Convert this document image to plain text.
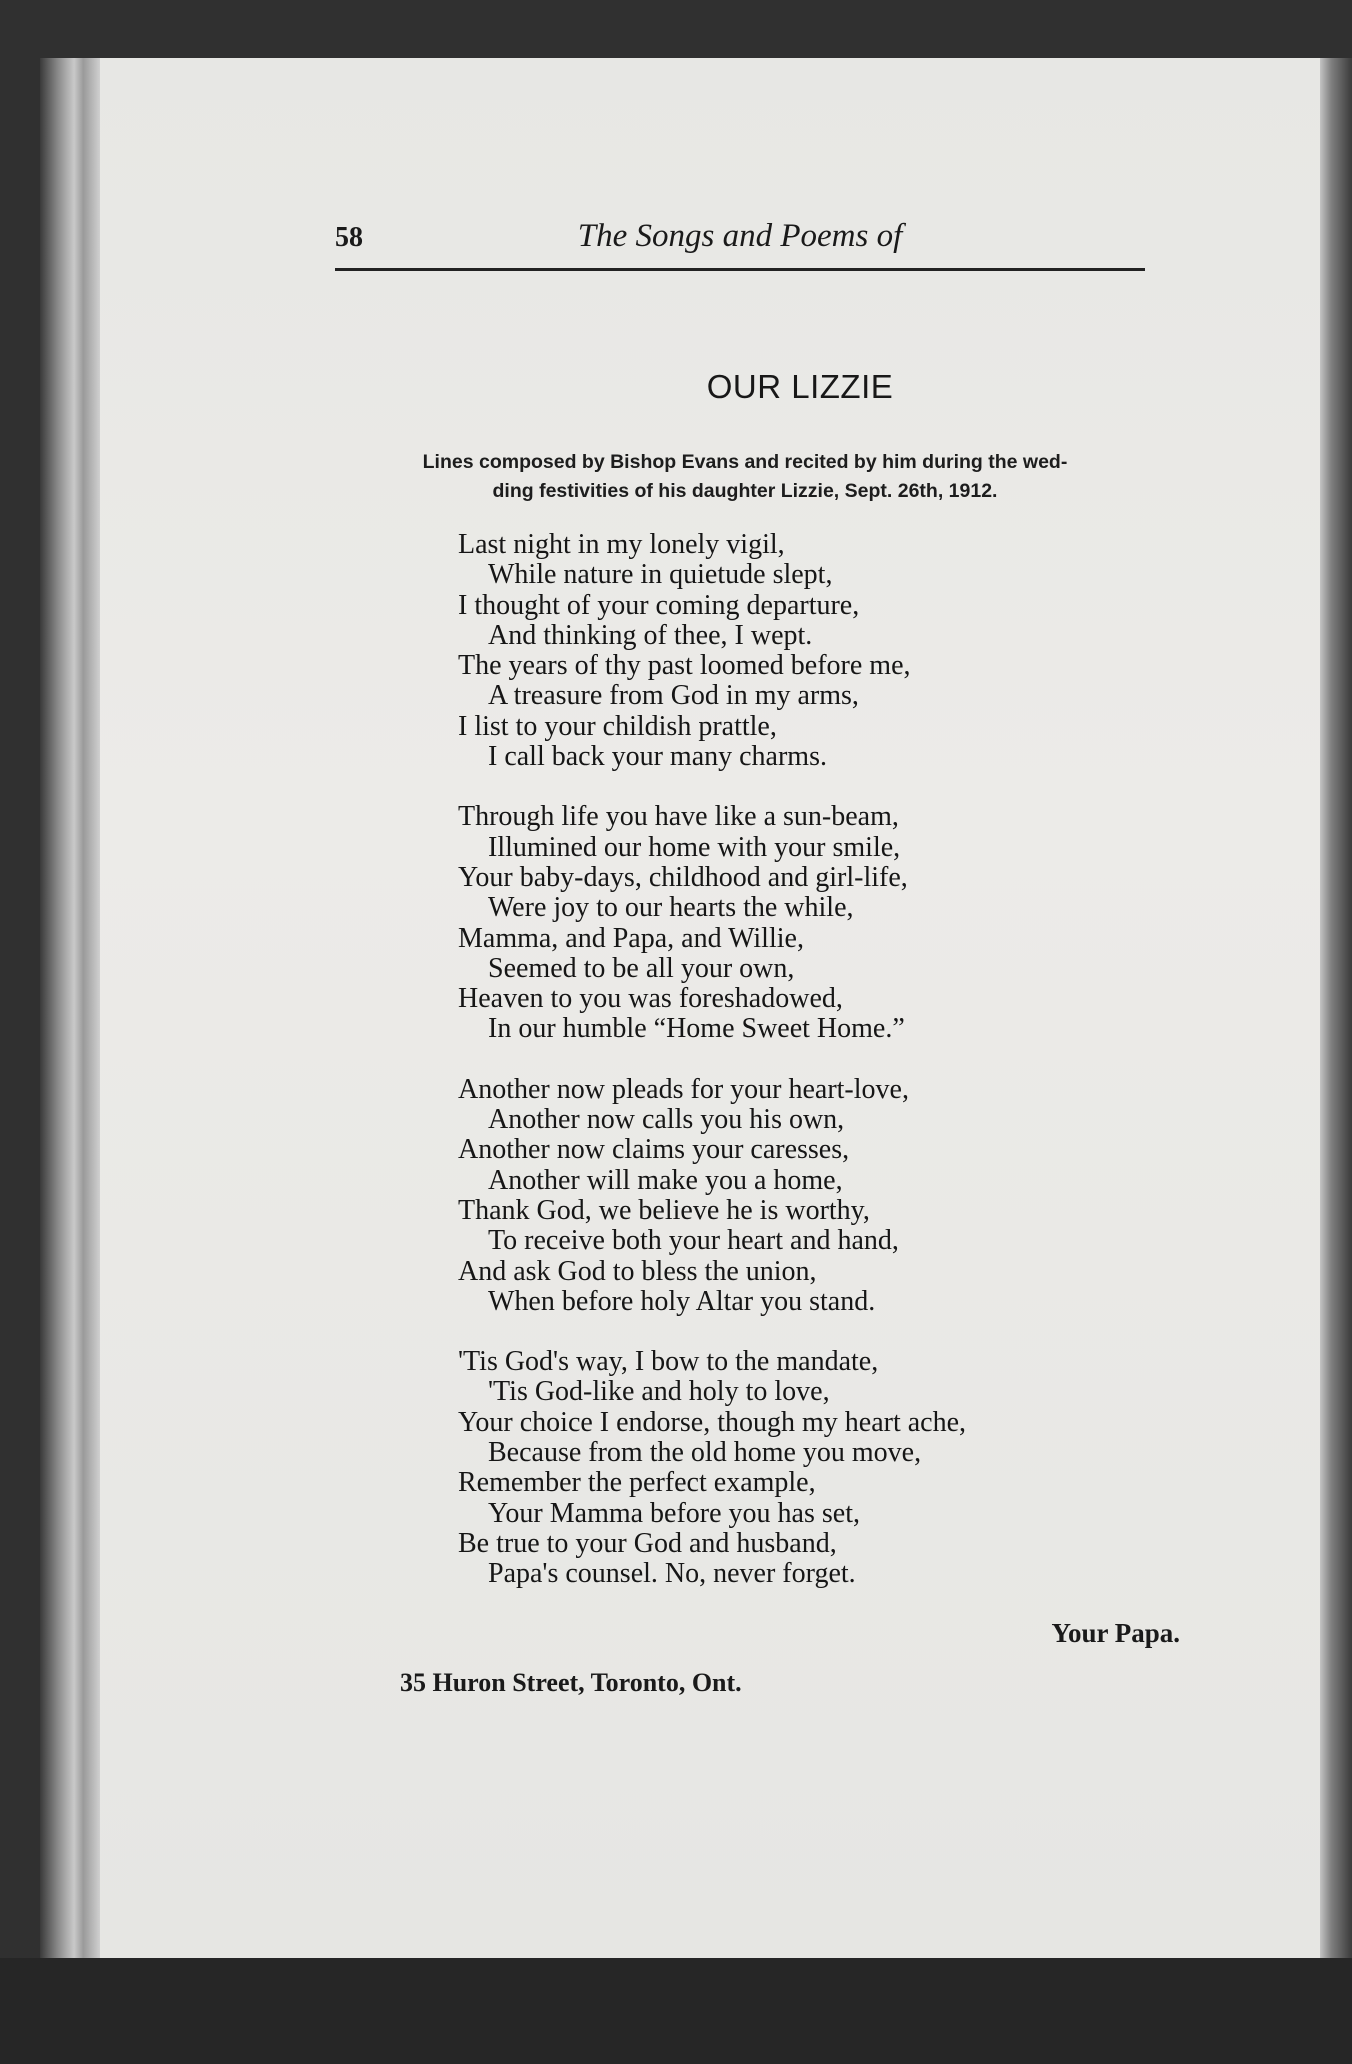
58	The Songs and Poems of
OUR LIZZIE
Lines composed by Bishop Evans and recited by him during the wed-
ding festivities of his daughter Lizzie, Sept. 26th, 1912.
Last night in my lonely vigil,
While nature in quietude slept,
I thought of your coming departure,
And thinking of thee, I wept.
The years of thy past loomed before me,
A treasure from God in my arms,
I list to your childish prattle,
I call back your many charms.
Through life you have like a sun-beam,
Illumined our home with your smile,
Your baby-days, childhood and girl-life,
Were joy to our hearts the while,
Mamma, and Papa, and Willie,
Seemed to be all your own,
Heaven to you was foreshadowed,
In our humble “Home Sweet Home.”
Another now pleads for your heart-love,
Another now calls you his own,
Another now claims your caresses,
Another will make you a home,
Thank God, we believe he is worthy,
To receive both your heart and hand,
And ask God to bless the union,
When before holy Altar you stand.
'Tis God's way, I bow to the mandate,
'Tis God-like and holy to love,
Your choice I endorse, though my heart ache,
Because from the old home you move,
Remember the perfect example,
Your Mamma before you has set,
Be true to your God and husband,
Papa's counsel. No, never forget.
Your Papa.
35 Huron Street, Toronto, Ont.
